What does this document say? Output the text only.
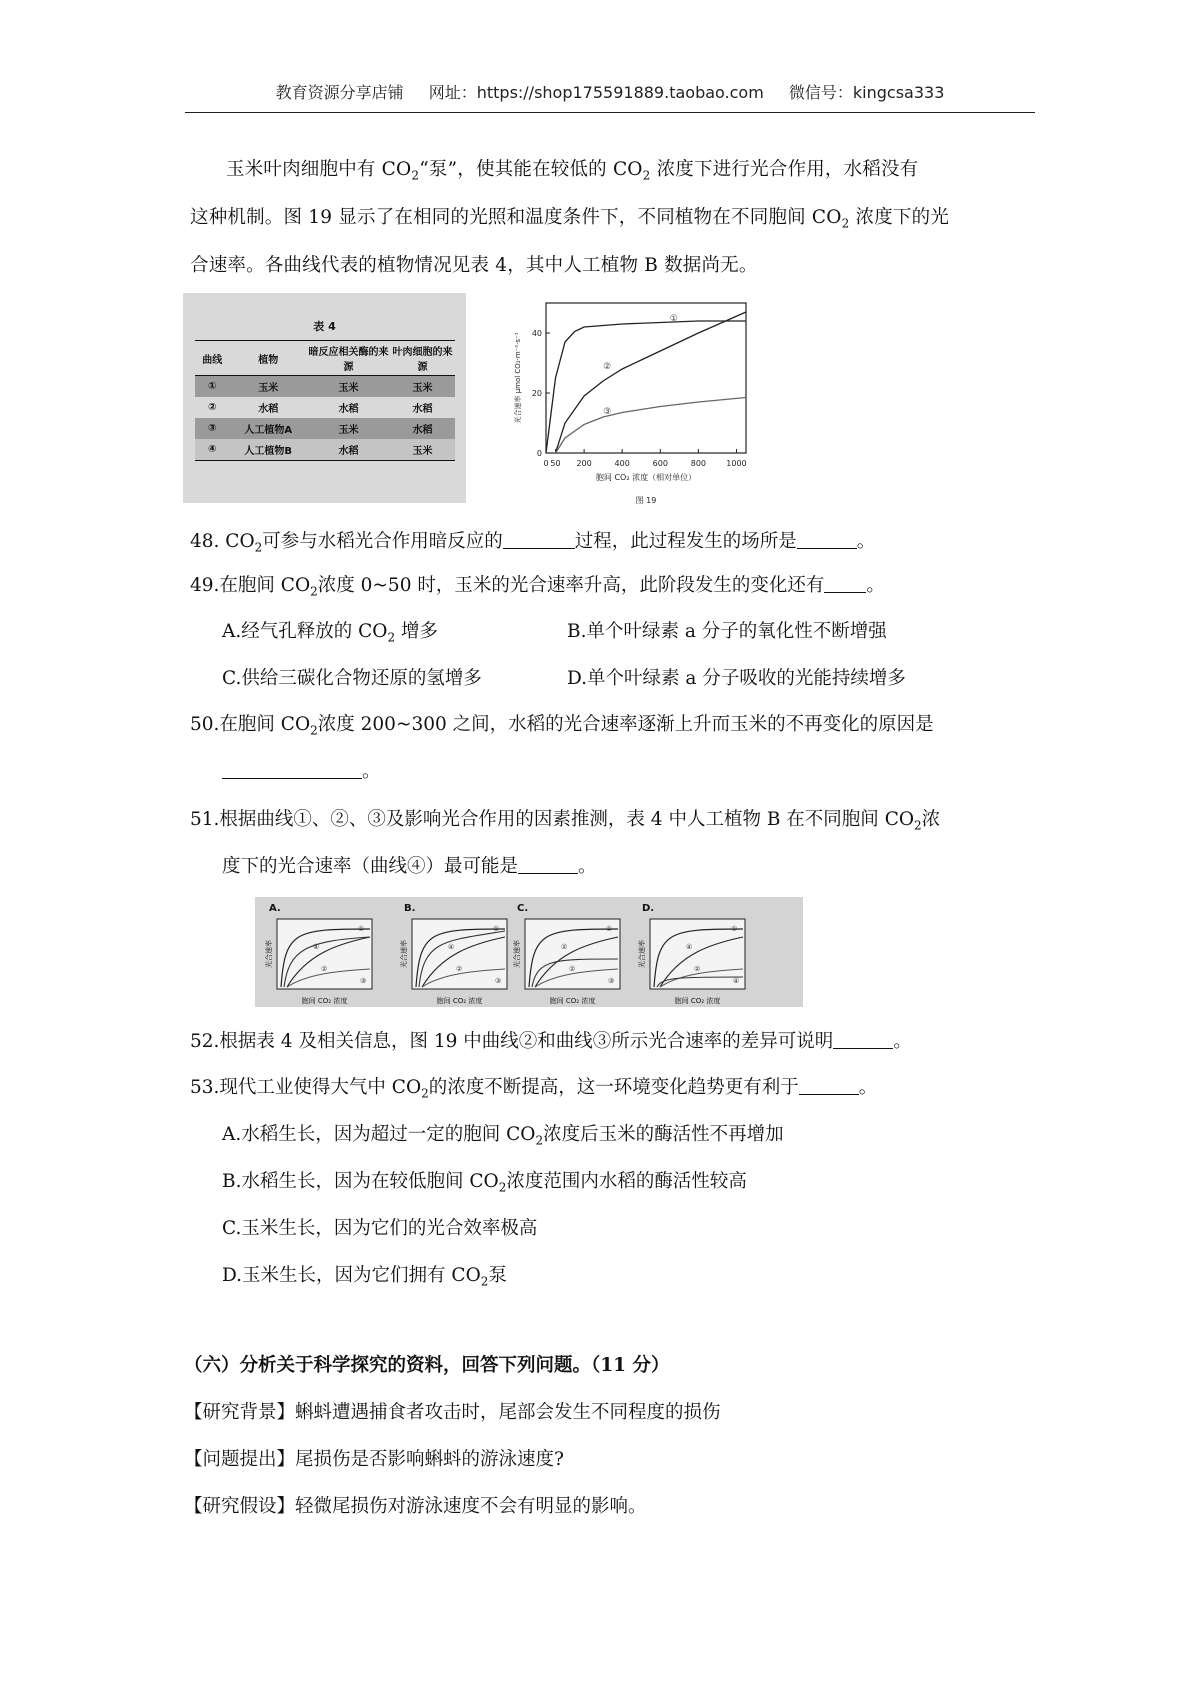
教育资源分享店铺 网址：https://shop175591889.taobao.com 微信号：kingcsa333
玉米叶肉细胞中有 $CO_2“$泵”，使其能在较低的 $CO_2$ 浓度下进行光合作用，水稻没有
这种机制。图 19 显示了在相同的光照和温度条件下，不同植物在不同胞间 $CO_2$ 浓度下的光
合速率。各曲线代表的植物情况见表 4，其中人工植物 B 数据尚无。
表 4
曲线	植物	暗反应相关酶的来源	叶肉细胞的来源
①	玉米	玉米	玉米
②	水稻	水稻	水稻
③	人工植物A	玉米	水稻
④	人工植物B	水稻	玉米
0 50 200	400	600	800	1000
0
20
40
胞间 CO₂ 浓度（相对单位）
图 19
光合速率 μmol CO₂·m⁻²·s⁻¹
①
②
③
48. $CO_2$可参与水稻光合作用暗反应的	过程，此过程发生的场所是	。
49.在胞间 $CO_2$浓度 0~50 时，玉米的光合速率升高，此阶段发生的变化还有 。
A.经气孔释放的 $CO_2$ 增多	B.单个叶绿素 a 分子的氧化性不断增强
C.供给三碳化合物还原的氢增多	D.单个叶绿素 a 分子吸收的光能持续增多
50.在胞间 $CO_2$浓度 200~300 之间，水稻的光合速率逐渐上升而玉米的不再变化的原因是
。
51.根据曲线①、②、③及影响光合作用的因素推测，表 4 中人工植物 B 在不同胞间 $CO_2$浓
度下的光合速率（曲线④）最可能是	。
A.
光合速率
胞间 CO₂ 浓度
①
④
②
③
B.
光合速率
胞间 CO₂ 浓度
①
④
②
③
C.
光合速率
胞间 CO₂ 浓度
①
②
②
③
D.
光合速率
胞间 CO₂ 浓度
①
④
②
④
52.根据表 4 及相关信息，图 19 中曲线②和曲线③所示光合速率的差异可说明	。
53.现代工业使得大气中 $CO_2$的浓度不断提高，这一环境变化趋势更有利于	。
A.水稻生长，因为超过一定的胞间 $CO_2$浓度后玉米的酶活性不再增加
B.水稻生长，因为在较低胞间 $CO_2$浓度范围内水稻的酶活性较高
C.玉米生长，因为它们的光合效率极高
D.玉米生长，因为它们拥有 $CO_2$泵
（六）分析关于科学探究的资料，回答下列问题。（11 分）
【研究背景】蝌蚪遭遇捕食者攻击时，尾部会发生不同程度的损伤
【问题提出】尾损伤是否影响蝌蚪的游泳速度?
【研究假设】轻微尾损伤对游泳速度不会有明显的影响。
